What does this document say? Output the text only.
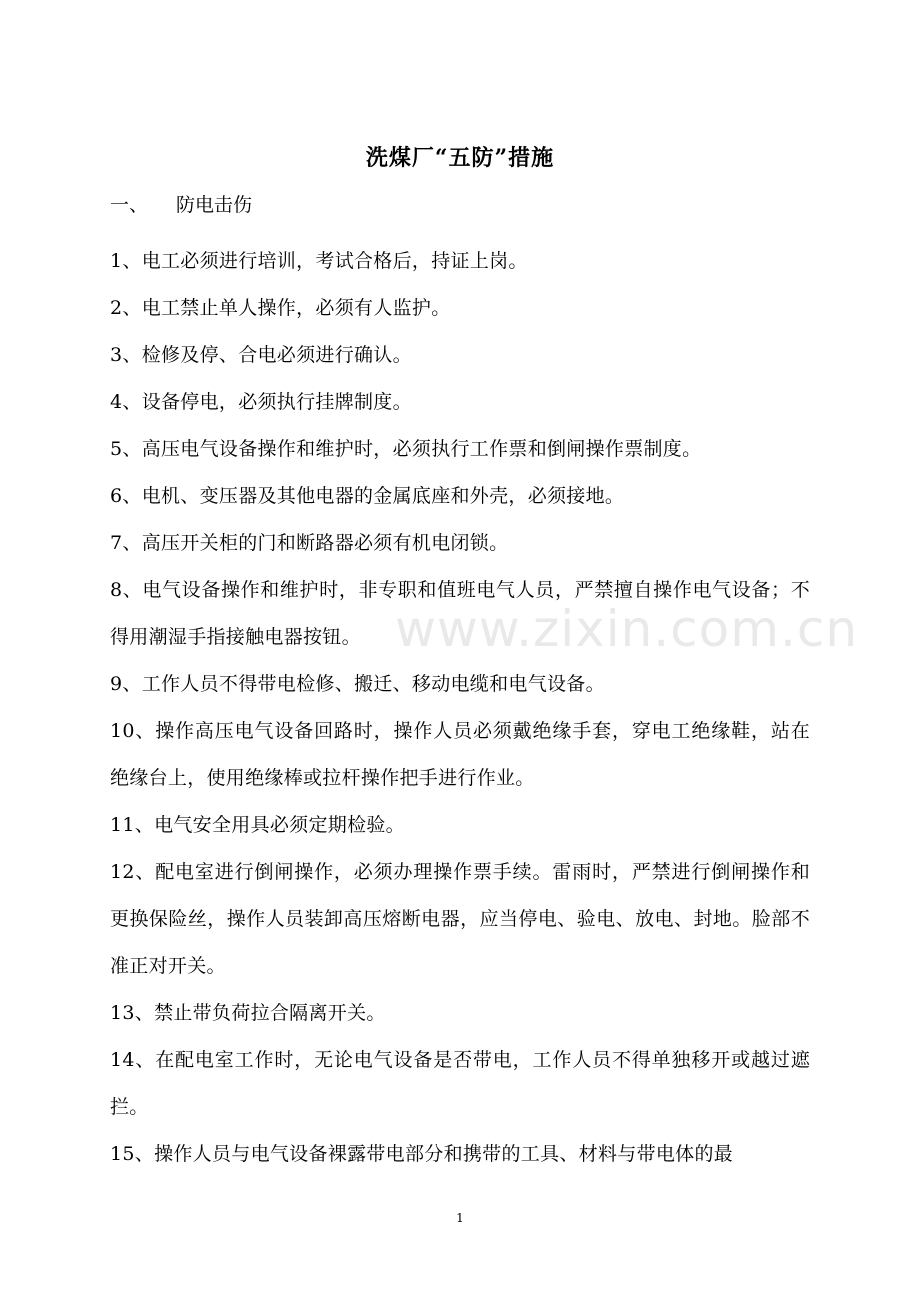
www.zixin.com.cn
洗煤厂“五防”措施
一、 防电击伤

1、电工必须进行培训，考试合格后，持证上岗。

2、电工禁止单人操作，必须有人监护。

3、检修及停、合电必须进行确认。

4、设备停电，必须执行挂牌制度。

5、高压电气设备操作和维护时，必须执行工作票和倒闸操作票制度。

6、电机、变压器及其他电器的金属底座和外壳，必须接地。

7、高压开关柜的门和断路器必须有机电闭锁。

8、电气设备操作和维护时，非专职和值班电气人员，严禁擅自操作电气设备；不得用潮湿手指接触电器按钮。

9、工作人员不得带电检修、搬迁、移动电缆和电气设备。

10、操作高压电气设备回路时，操作人员必须戴绝缘手套，穿电工绝缘鞋，站在绝缘台上，使用绝缘棒或拉杆操作把手进行作业。

11、电气安全用具必须定期检验。

12、配电室进行倒闸操作，必须办理操作票手续。雷雨时，严禁进行倒闸操作和更换保险丝，操作人员装卸高压熔断电器，应当停电、验电、放电、封地。脸部不准正对开关。

13、禁止带负荷拉合隔离开关。

14、在配电室工作时，无论电气设备是否带电，工作人员不得单独移开或越过遮拦。

15、操作人员与电气设备裸露带电部分和携带的工具、材料与带电体的最

1
